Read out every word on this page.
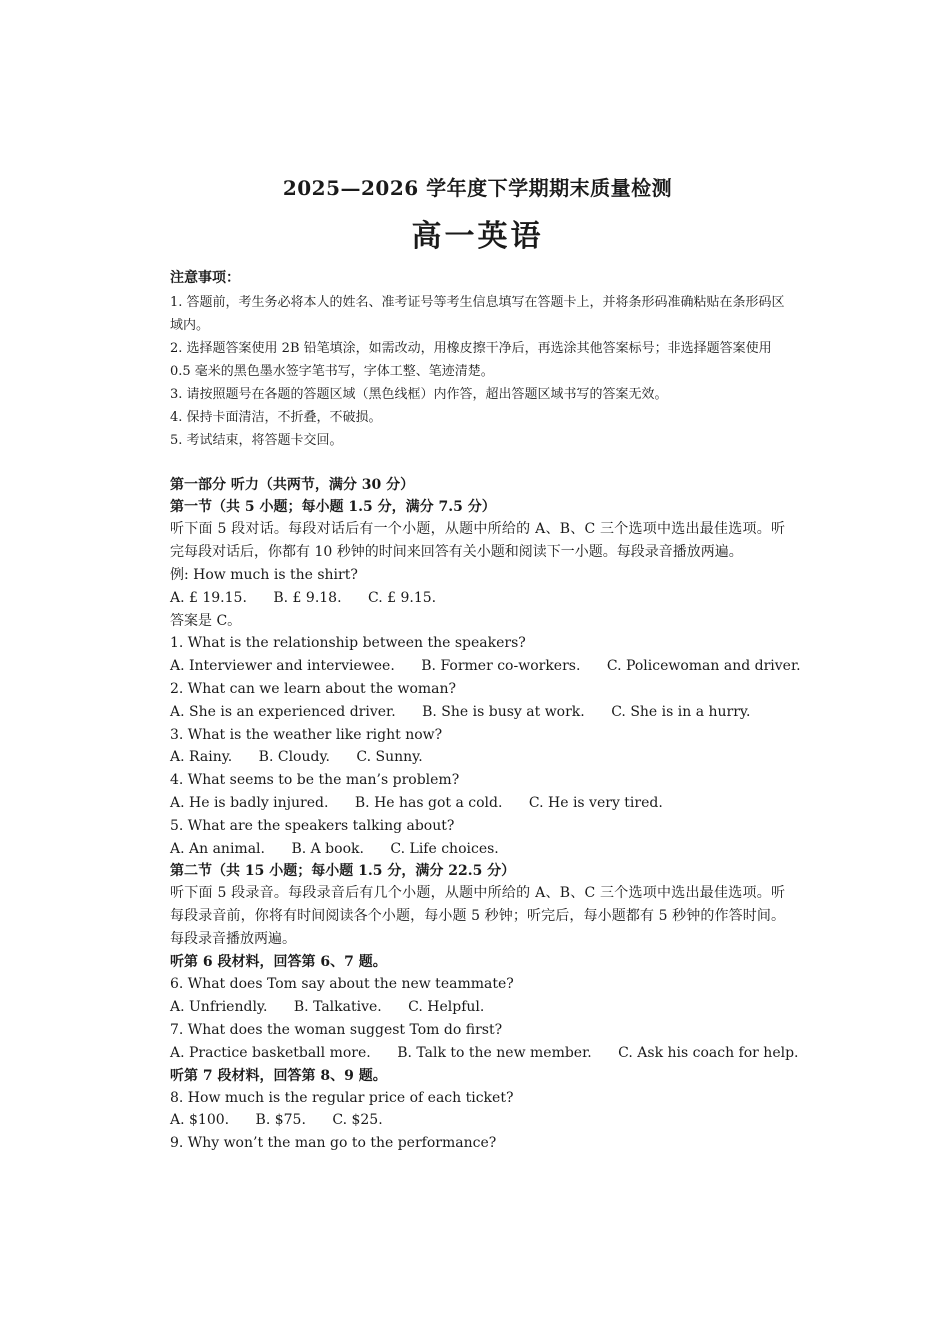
2025—2026 学年度下学期期末质量检测
高一英语

注意事项：

1. 答题前，考生务必将本人的姓名、准考证号等考生信息填写在答题卡上，并将条形码准确粘贴在条形码区域内。

2. 选择题答案使用 2B 铅笔填涂，如需改动，用橡皮擦干净后，再选涂其他答案标号；非选择题答案使用 0.5 毫米的黑色墨水签字笔书写，字体工整、笔迹清楚。

3. 请按照题号在各题的答题区域（黑色线框）内作答，超出答题区域书写的答案无效。

4. 保持卡面清洁，不折叠，不破损。

5. 考试结束，将答题卡交回。

第一部分 听力（共两节，满分 30 分）

第一节（共 5 小题；每小题 1.5 分，满分 7.5 分）

听下面 5 段对话。每段对话后有一个小题，从题中所给的 A、B、C 三个选项中选出最佳选项。听完每段对话后，你都有 10 秒钟的时间来回答有关小题和阅读下一小题。每段录音播放两遍。

例: How much is the shirt?

A. £ 19.15. B. £ 9.18. C. £ 9.15.

答案是 C。

1. What is the relationship between the speakers?

A. Interviewer and interviewee. B. Former co-workers. C. Policewoman and driver.

2. What can we learn about the woman?

A. She is an experienced driver. B. She is busy at work. C. She is in a hurry.

3. What is the weather like right now?

A. Rainy. B. Cloudy. C. Sunny.

4. What seems to be the man’s problem?

A. He is badly injured. B. He has got a cold. C. He is very tired.

5. What are the speakers talking about?

A. An animal. B. A book. C. Life choices.

第二节（共 15 小题；每小题 1.5 分，满分 22.5 分）

听下面 5 段录音。每段录音后有几个小题，从题中所给的 A、B、C 三个选项中选出最佳选项。听每段录音前，你将有时间阅读各个小题，每小题 5 秒钟；听完后，每小题都有 5 秒钟的作答时间。每段录音播放两遍。

听第 6 段材料，回答第 6、7 题。

6. What does Tom say about the new teammate?

A. Unfriendly. B. Talkative. C. Helpful.

7. What does the woman suggest Tom do first?

A. Practice basketball more. B. Talk to the new member. C. Ask his coach for help.

听第 7 段材料，回答第 8、9 题。

8. How much is the regular price of each ticket?

A. $100. B. $75. C. $25.

9. Why won’t the man go to the performance?
